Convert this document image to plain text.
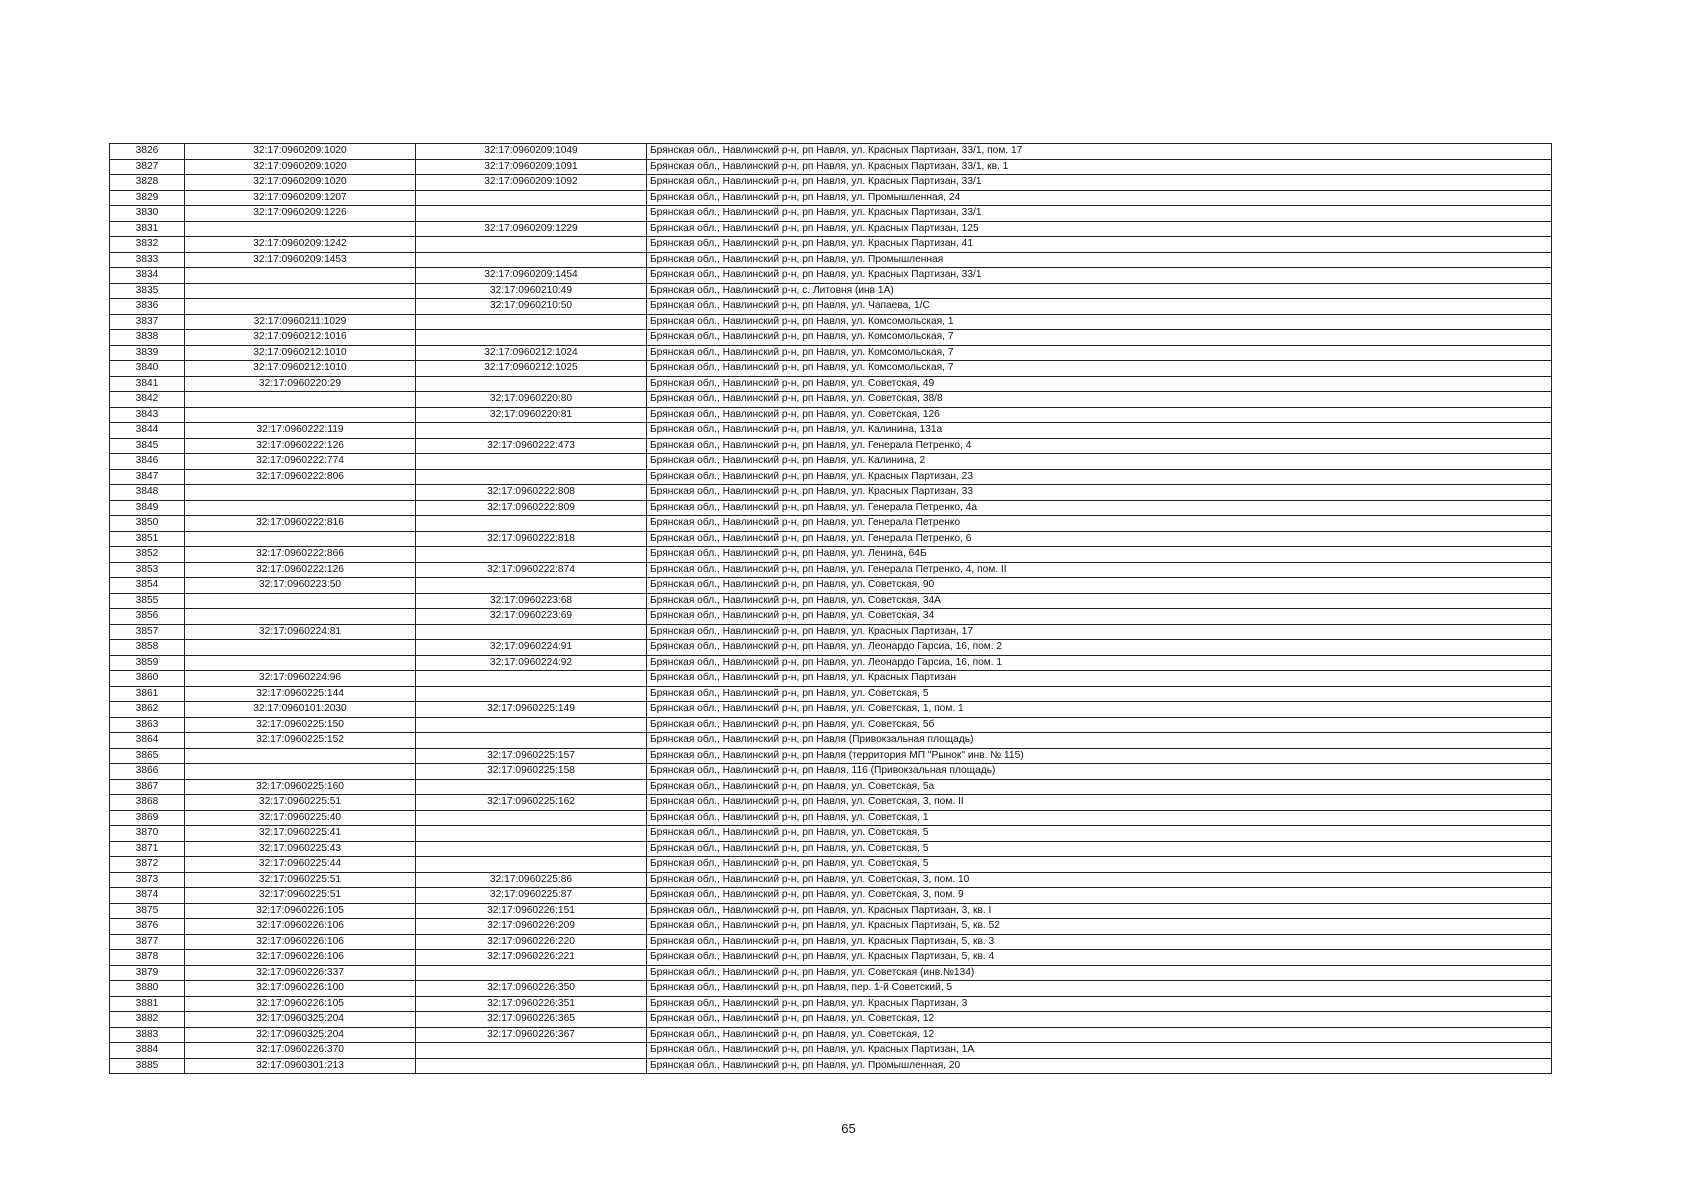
3826	32:17:0960209:1020	32:17:0960209:1049	Брянская обл., Навлинский р-н, рп Навля, ул. Красных Партизан, 33/1, пом. 17
3827	32:17:0960209:1020	32:17:0960209:1091	Брянская обл., Навлинский р-н, рп Навля, ул. Красных Партизан, 33/1, кв. 1
3828	32:17:0960209:1020	32:17:0960209:1092	Брянская обл., Навлинский р-н, рп Навля, ул. Красных Партизан, 33/1
3829	32:17:0960209:1207		Брянская обл., Навлинский р-н, рп Навля, ул. Промышленная, 24
3830	32:17:0960209:1226		Брянская обл., Навлинский р-н, рп Навля, ул. Красных Партизан, 33/1
3831		32:17:0960209:1229	Брянская обл., Навлинский р-н, рп Навля, ул. Красных Партизан, 125
3832	32:17:0960209:1242		Брянская обл., Навлинский р-н, рп Навля, ул. Красных Партизан, 41
3833	32:17:0960209:1453		Брянская обл., Навлинский р-н, рп Навля, ул. Промышленная
3834		32:17:0960209:1454	Брянская обл., Навлинский р-н, рп Навля, ул. Красных Партизан, 33/1
3835		32:17:0960210:49	Брянская обл., Навлинский р-н, с. Литовня (инв 1А)
3836		32:17:0960210:50	Брянская обл., Навлинский р-н, рп Навля, ул. Чапаева, 1/С
3837	32:17:0960211:1029		Брянская обл., Навлинский р-н, рп Навля, ул. Комсомольская, 1
3838	32:17:0960212:1016		Брянская обл., Навлинский р-н, рп Навля, ул. Комсомольская, 7
3839	32:17:0960212:1010	32:17:0960212:1024	Брянская обл., Навлинский р-н, рп Навля, ул. Комсомольская, 7
3840	32:17:0960212:1010	32:17:0960212:1025	Брянская обл., Навлинский р-н, рп Навля, ул. Комсомольская, 7
3841	32:17:0960220:29		Брянская обл., Навлинский р-н, рп Навля, ул. Советская, 49
3842		32:17:0960220:80	Брянская обл., Навлинский р-н, рп Навля, ул. Советская, 38/8
3843		32:17:0960220:81	Брянская обл., Навлинский р-н, рп Навля, ул. Советская, 126
3844	32:17:0960222:119		Брянская обл., Навлинский р-н, рп Навля, ул. Калинина, 131а
3845	32:17:0960222:126	32:17:0960222:473	Брянская обл., Навлинский р-н, рп Навля, ул. Генерала Петренко, 4
3846	32:17:0960222:774		Брянская обл., Навлинский р-н, рп Навля, ул. Калинина, 2
3847	32:17:0960222:806		Брянская обл., Навлинский р-н, рп Навля, ул. Красных Партизан, 23
3848		32:17:0960222:808	Брянская обл., Навлинский р-н, рп Навля, ул. Красных Партизан, 33
3849		32:17:0960222:809	Брянская обл., Навлинский р-н, рп Навля, ул. Генерала Петренко, 4а
3850	32:17:0960222:816		Брянская обл., Навлинский р-н, рп Навля, ул. Генерала Петренко
3851		32:17:0960222:818	Брянская обл., Навлинский р-н, рп Навля, ул. Генерала Петренко, 6
3852	32:17:0960222:866		Брянская обл., Навлинский р-н, рп Навля, ул. Ленина, 64Б
3853	32:17:0960222:126	32:17:0960222:874	Брянская обл., Навлинский р-н, рп Навля, ул. Генерала Петренко, 4, пом. II
3854	32:17:0960223:50		Брянская обл., Навлинский р-н, рп Навля, ул. Советская, 90
3855		32:17:0960223:68	Брянская обл., Навлинский р-н, рп Навля, ул. Советская, 34А
3856		32:17:0960223:69	Брянская обл., Навлинский р-н, рп Навля, ул. Советская, 34
3857	32:17:0960224:81		Брянская обл., Навлинский р-н, рп Навля, ул. Красных Партизан, 17
3858		32:17:0960224:91	Брянская обл., Навлинский р-н, рп Навля, ул. Леонардо Гарсиа, 16, пом. 2
3859		32:17:0960224:92	Брянская обл., Навлинский р-н, рп Навля, ул. Леонардо Гарсиа, 16, пом. 1
3860	32:17:0960224:96		Брянская обл., Навлинский р-н, рп Навля, ул. Красных Партизан
3861	32:17:0960225:144		Брянская обл., Навлинский р-н, рп Навля, ул. Советская, 5
3862	32:17:0960101:2030	32:17:0960225:149	Брянская обл., Навлинский р-н, рп Навля, ул. Советская, 1, пом. 1
3863	32:17:0960225:150		Брянская обл., Навлинский р-н, рп Навля, ул. Советская, 5б
3864	32:17:0960225:152		Брянская обл., Навлинский р-н, рп Навля (Привокзальная площадь)
3865		32:17:0960225:157	Брянская обл., Навлинский р-н, рп Навля (территория МП "Рынок" инв. № 115)
3866		32:17:0960225:158	Брянская обл., Навлинский р-н, рп Навля, 116 (Привокзальная площадь)
3867	32:17:0960225:160		Брянская обл., Навлинский р-н, рп Навля, ул. Советская, 5а
3868	32:17:0960225:51	32:17:0960225:162	Брянская обл., Навлинский р-н, рп Навля, ул. Советская, 3, пом. II
3869	32:17:0960225:40		Брянская обл., Навлинский р-н, рп Навля, ул. Советская, 1
3870	32:17:0960225:41		Брянская обл., Навлинский р-н, рп Навля, ул. Советская, 5
3871	32:17:0960225:43		Брянская обл., Навлинский р-н, рп Навля, ул. Советская, 5
3872	32:17:0960225:44		Брянская обл., Навлинский р-н, рп Навля, ул. Советская, 5
3873	32:17:0960225:51	32:17:0960225:86	Брянская обл., Навлинский р-н, рп Навля, ул. Советская, 3, пом. 10
3874	32:17:0960225:51	32:17:0960225:87	Брянская обл., Навлинский р-н, рп Навля, ул. Советская, 3, пом. 9
3875	32:17:0960226:105	32:17:0960226:151	Брянская обл., Навлинский р-н, рп Навля, ул. Красных Партизан, 3, кв. I
3876	32:17:0960226:106	32:17:0960226:209	Брянская обл., Навлинский р-н, рп Навля, ул. Красных Партизан, 5, кв. 52
3877	32:17:0960226:106	32:17:0960226:220	Брянская обл., Навлинский р-н, рп Навля, ул. Красных Партизан, 5, кв. 3
3878	32:17:0960226:106	32:17:0960226:221	Брянская обл., Навлинский р-н, рп Навля, ул. Красных Партизан, 5, кв. 4
3879	32:17:0960226:337		Брянская обл., Навлинский р-н, рп Навля, ул. Советская (инв.№134)
3880	32:17:0960226:100	32:17:0960226:350	Брянская обл., Навлинский р-н, рп Навля, пер. 1-й Советский, 5
3881	32:17:0960226:105	32:17:0960226:351	Брянская обл., Навлинский р-н, рп Навля, ул. Красных Партизан, 3
3882	32:17:0960325:204	32:17:0960226:365	Брянская обл., Навлинский р-н, рп Навля, ул. Советская, 12
3883	32:17:0960325:204	32:17:0960226:367	Брянская обл., Навлинский р-н, рп Навля, ул. Советская, 12
3884	32:17:0960226:370		Брянская обл., Навлинский р-н, рп Навля, ул. Красных Партизан, 1А
3885	32:17:0960301:213		Брянская обл., Навлинский р-н, рп Навля, ул. Промышленная, 20
65
